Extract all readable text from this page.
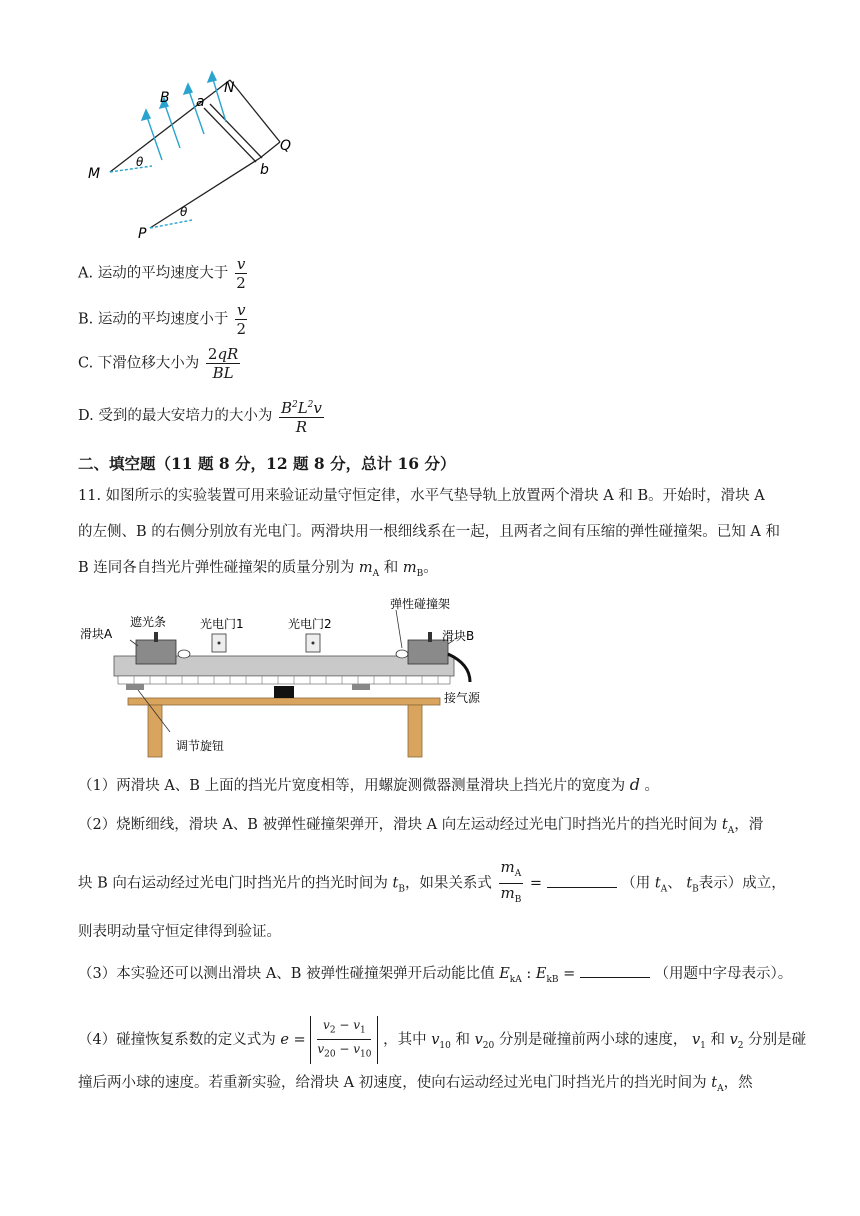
B a
N
Q
M	b
P
θ
θ
A. 运动的平均速度大于 $\frac{v}{2}$
B. 运动的平均速度小于 $\frac{v}{2}$
C. 下滑位移大小为 $\frac{2qR}{BL}$
D. 受到的最大安培力的大小为 $\frac{B^2L^2v}{R}$
二、填空题（11 题 8 分，12 题 8 分，总计 16 分）
11. 如图所示的实验装置可用来验证动量守恒定律，水平气垫导轨上放置两个滑块 A 和 B。开始时，滑块 A 的左侧、B 的右侧分别放有光电门。两滑块用一根细线系在一起，且两者之间有压缩的弹性碰撞架。已知 A 和 B 连同各自挡光片弹性碰撞架的质量分别为 $m_A$ 和 $m_B$。
滑块A
遮光条	光电门1	光电门2
弹性碰撞架
滑块B
接气源
调节旋钮
（1）两滑块 A、B 上面的挡光片宽度相等，用螺旋测微器测量滑块上挡光片的宽度为 d 。
（2）烧断细线，滑块 A、B 被弹性碰撞架弹开，滑块 A 向左运动经过光电门时挡光片的挡光时间为 $t_A$，滑
块 B 向右运动经过光电门时挡光片的挡光时间为 $t_B$，如果关系式 $\frac{m_A}{m_B}$ =	（用 $t_A$、 $t_B$表示）成立，
则表明动量守恒定律得到验证。
（3）本实验还可以测出滑块 A、B 被弹性碰撞架弹开后动能比值 $E_{kA}$ : $E_{kB}$ =	（用题中字母表示）。
（4）碰撞恢复系数的定义式为 $e = \frac{v_2 - v_1}{v_{20} - v_{10}}$ ，其中 $v_{10}$ 和 $v_{20}$ 分别是碰撞前两小球的速度， $v_1$ 和 $v_2$ 分别是碰
撞后两小球的速度。若重新实验，给滑块 A 初速度，使向右运动经过光电门时挡光片的挡光时间为 $t_A$，然
